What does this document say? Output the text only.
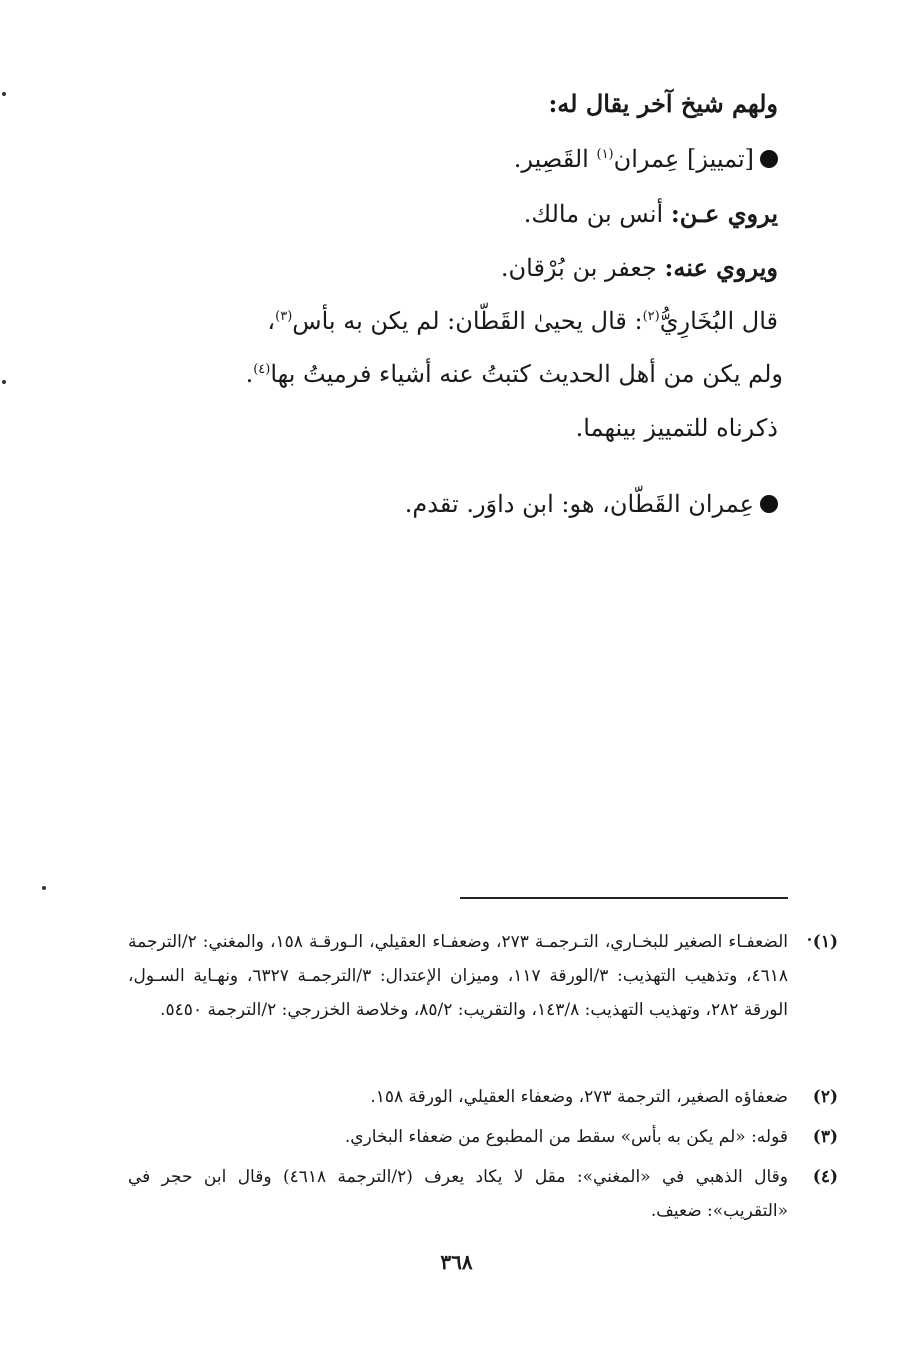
ولهم شيخ آخر يقال له:
[تمييز] عِمران$^{(١)}$ القَصِير.
يروي عـن: أنس بن مالك.
ويروي عنه: جعفر بن بُرْقان.
قال البُخَارِيُّ$^{(٢)}$: قال يحيىٰ القَطّان: لم يكن به بأس$^{(٣)}$،
ولم يكن من أهل الحديث كتبتُ عنه أشياء فرميتُ بها$^{(٤)}$.
ذكرناه للتمييز بينهما.
عِمران القَطّان، هو: ابن داوَر. تقدم.
(١)
الضعفـاء الصغير للبخـاري، التـرجمـة ٢٧٣، وضعفـاء العقيلي، الـورقـة ١٥٨، والمغني: ٢/الترجمة ٤٦١٨، وتذهيب التهذيب: ٣/الورقة ١١٧، وميزان الإعتدال: ٣/الترجمـة ٦٣٢٧، ونهـاية السـول، الورقة ٢٨٢، وتهذيب التهذيب: ١٤٣/٨، والتقريب: ٨٥/٢، وخلاصة الخزرجي: ٢/الترجمة ٥٤٥٠.
(٢)
ضعفاؤه الصغير، الترجمة ٢٧٣، وضعفاء العقيلي، الورقة ١٥٨.
(٣)
قوله: «لم يكن به بأس» سقط من المطبوع من ضعفاء البخاري.
(٤)
وقال الذهبي في «المغني»: مقل لا يكاد يعرف (٢/الترجمة ٤٦١٨) وقال ابن حجر في «التقريب»: ضعيف.
٣٦٨
